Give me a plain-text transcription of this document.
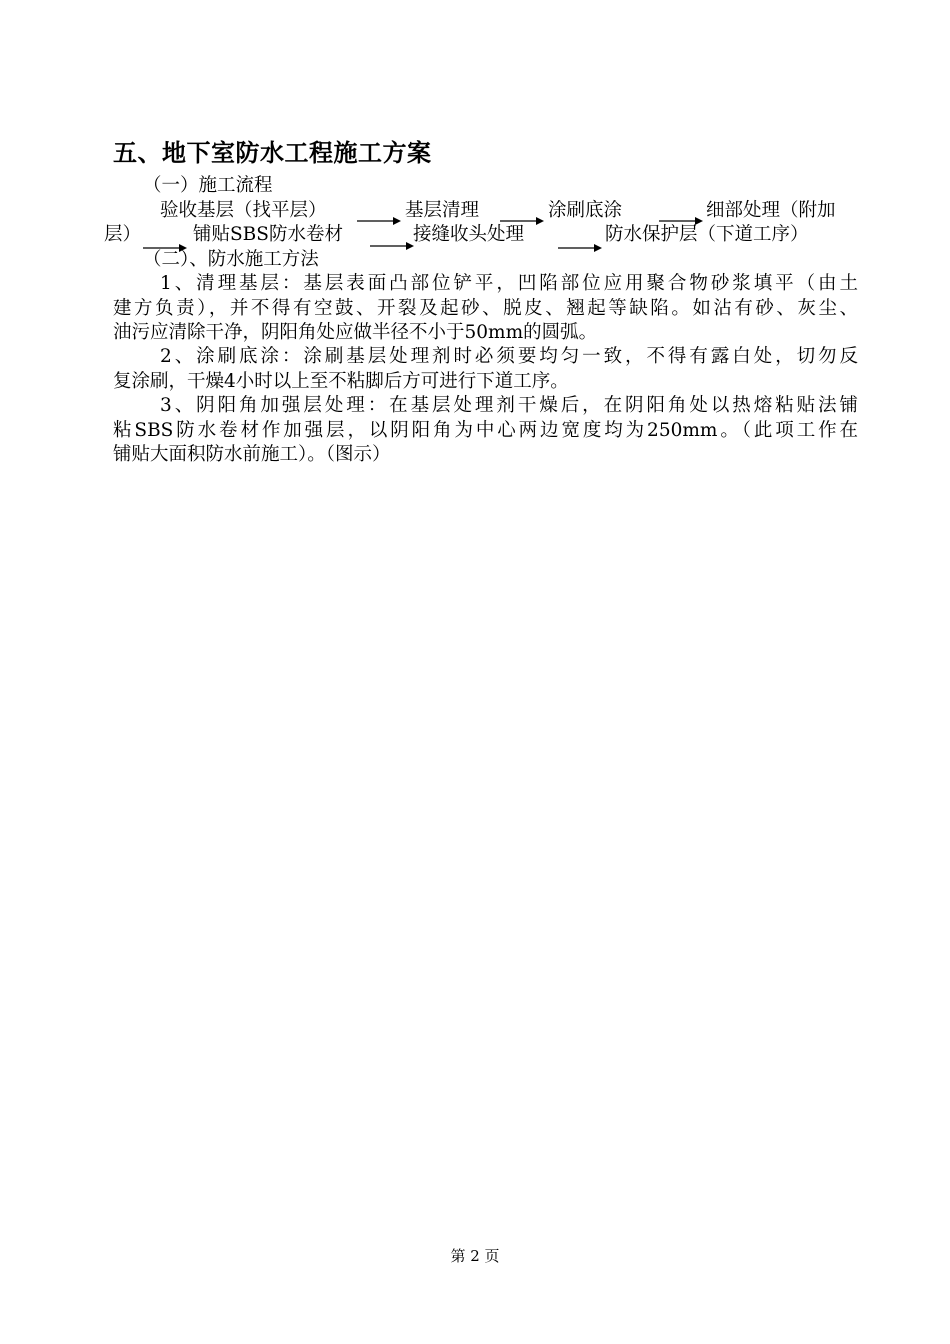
五、地下室防水工程施工方案
（一）施工流程
验收基层（找平层）	基层清理	涂刷底涂	细部处理（附加
层）	铺贴SBS防水卷材	接缝收头处理	防水保护层（下道工序）
（二）、防水施工方法
1、清理基层：基层表面凸部位铲平，凹陷部位应用聚合物砂浆填平（由土
建方负责），并不得有空鼓、开裂及起砂、脱皮、翘起等缺陷。如沾有砂、灰尘、
油污应清除干净，阴阳角处应做半径不小于50mm的圆弧。
2、涂刷底涂：涂刷基层处理剂时必须要均匀一致，不得有露白处，切勿反
复涂刷，干燥4小时以上至不粘脚后方可进行下道工序。
3、阴阳角加强层处理：在基层处理剂干燥后，在阴阳角处以热熔粘贴法铺
粘SBS防水卷材作加强层，以阴阳角为中心两边宽度均为250mm。（此项工作在
铺贴大面积防水前施工）。（图示）
第 2 页
